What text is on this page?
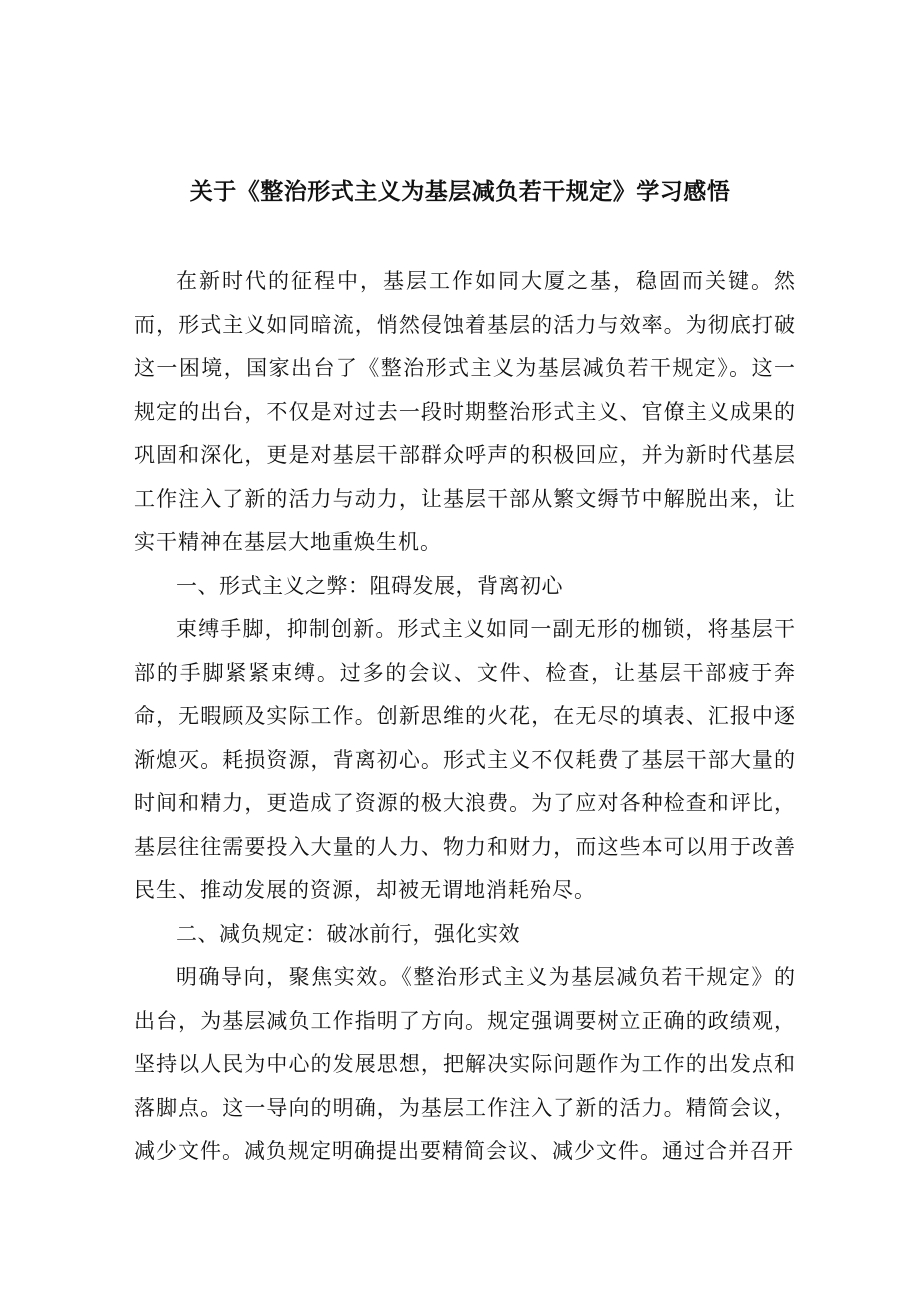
关于《整治形式主义为基层减负若干规定》学习感悟

在新时代的征程中，基层工作如同大厦之基，稳固而关键。然而，形式主义如同暗流，悄然侵蚀着基层的活力与效率。为彻底打破这一困境，国家出台了《整治形式主义为基层减负若干规定》。这一规定的出台，不仅是对过去一段时期整治形式主义、官僚主义成果的巩固和深化，更是对基层干部群众呼声的积极回应，并为新时代基层工作注入了新的活力与动力，让基层干部从繁文缛节中解脱出来，让实干精神在基层大地重焕生机。

一、形式主义之弊：阻碍发展，背离初心

束缚手脚，抑制创新。形式主义如同一副无形的枷锁，将基层干部的手脚紧紧束缚。过多的会议、文件、检查，让基层干部疲于奔命，无暇顾及实际工作。创新思维的火花，在无尽的填表、汇报中逐渐熄灭。耗损资源，背离初心。形式主义不仅耗费了基层干部大量的时间和精力，更造成了资源的极大浪费。为了应对各种检查和评比，基层往往需要投入大量的人力、物力和财力，而这些本可以用于改善民生、推动发展的资源，却被无谓地消耗殆尽。

二、减负规定：破冰前行，强化实效

明确导向，聚焦实效。《整治形式主义为基层减负若干规定》的出台，为基层减负工作指明了方向。规定强调要树立正确的政绩观，坚持以人民为中心的发展思想，把解决实际问题作为工作的出发点和落脚点。这一导向的明确，为基层工作注入了新的活力。精简会议，减少文件。减负规定明确提出要精简会议、减少文件。通过合并召开
